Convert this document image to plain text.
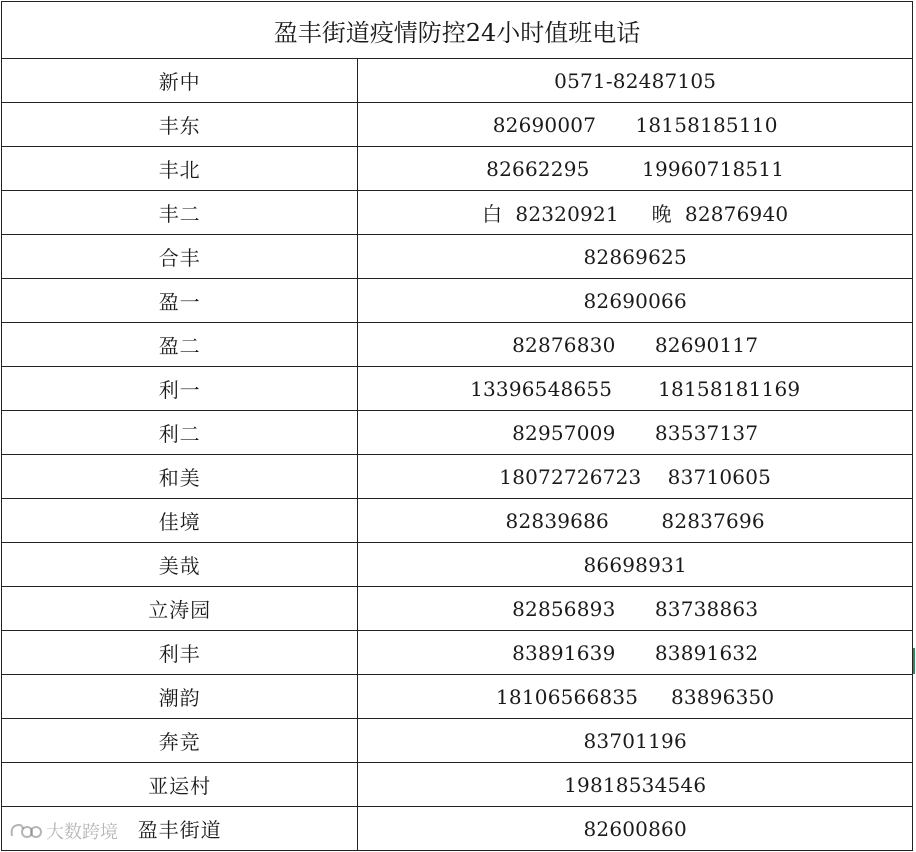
盈丰街道疫情防控24小时值班电话	
新中	0571-82487105
丰东	82690007      18158185110
丰北	82662295        19960718511
丰二	白  82320921     晚  82876940
合丰	82869625
盈一	82690066
盈二	82876830      82690117
利一	13396548655       18158181169
利二	82957009      83537137
和美	18072726723    83710605
佳境	82839686        82837696
美哉	86698931
立涛园	82856893      83738863
利丰	83891639      83891632
潮韵	18106566835     83896350
奔竞	83701196
亚运村	19818534546
盈丰街道	82600860
大数跨境
